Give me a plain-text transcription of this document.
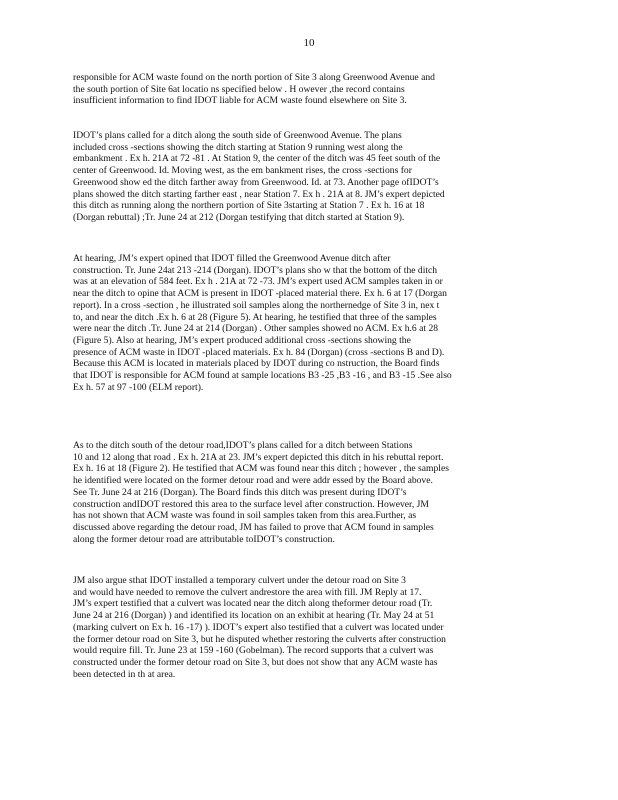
10

responsible for ACM waste found on the north portion of Site 3 along Greenwood Avenue and
the south portion of Site 6at locatio ns specified below . H owever ,the record contains
insufficient information to find IDOT liable for ACM waste found elsewhere on Site 3.

IDOT’s plans called for a ditch along the south side of Greenwood Avenue. The plans
included cross -sections showing the ditch starting at Station 9 running west along the
embankment . Ex h. 21A at 72 -81 . At Station 9, the center of the ditch was 45 feet south of the
center of Greenwood. Id. Moving west, as the em bankment rises, the cross -sections for
Greenwood show ed the ditch farther away from Greenwood. Id. at 73. Another page ofIDOT’s
plans showed the ditch starting farther east , near Station 7. Ex h . 21A at 8. JM’s expert depicted
this ditch as running along the northern portion of Site 3starting at Station 7 . Ex h. 16 at 18
(Dorgan rebuttal) ;Tr. June 24 at 212 (Dorgan testifying that ditch started at Station 9).

At hearing, JM’s expert opined that IDOT filled the Greenwood Avenue ditch after
construction. Tr. June 24at 213 -214 (Dorgan). IDOT’s plans sho w that the bottom of the ditch
was at an elevation of 584 feet. Ex h . 21A at 72 -73. JM’s expert used ACM samples taken in or
near the ditch to opine that ACM is present in IDOT -placed material there. Ex h. 6 at 17 (Dorgan
report). In a cross -section , he illustrated soil samples along the northernedge of Site 3 in, nex t
to, and near the ditch .Ex h. 6 at 28 (Figure 5). At hearing, he testified that three of the samples
were near the ditch .Tr. June 24 at 214 (Dorgan) . Other samples showed no ACM. Ex h.6 at 28
(Figure 5). Also at hearing, JM’s expert produced additional cross -sections showing the
presence of ACM waste in IDOT -placed materials. Ex h. 84 (Dorgan) (cross -sections B and D).
Because this ACM is located in materials placed by IDOT during co nstruction, the Board finds
that IDOT is responsible for ACM found at sample locations B3 -25 ,B3 -16 , and B3 -15 .See also
Ex h. 57 at 97 -100 (ELM report).

As to the ditch south of the detour road,IDOT’s plans called for a ditch between Stations
10 and 12 along that road . Ex h. 21A at 23. JM’s expert depicted this ditch in his rebuttal report.
Ex h. 16 at 18 (Figure 2). He testified that ACM was found near this ditch ; however , the samples
he identified were located on the former detour road and were addr essed by the Board above.
See Tr. June 24 at 216 (Dorgan). The Board finds this ditch was present during IDOT’s
construction andIDOT restored this area to the surface level after construction. However, JM
has not shown that ACM waste was found in soil samples taken from this area.Further, as
discussed above regarding the detour road, JM has failed to prove that ACM found in samples
along the former detour road are attributable toIDOT’s construction.

JM also argue sthat IDOT installed a temporary culvert under the detour road on Site 3
and would have needed to remove the culvert andrestore the area with fill. JM Reply at 17.
JM’s expert testified that a culvert was located near the ditch along theformer detour road (Tr.
June 24 at 216 (Dorgan) ) and identified its location on an exhibit at hearing (Tr. May 24 at 51
(marking culvert on Ex h. 16 -17) ). IDOT’s expert also testified that a culvert was located under
the former detour road on Site 3, but he disputed whether restoring the culverts after construction
would require fill. Tr. June 23 at 159 -160 (Gobelman). The record supports that a culvert was
constructed under the former detour road on Site 3, but does not show that any ACM waste has
been detected in th at area.
